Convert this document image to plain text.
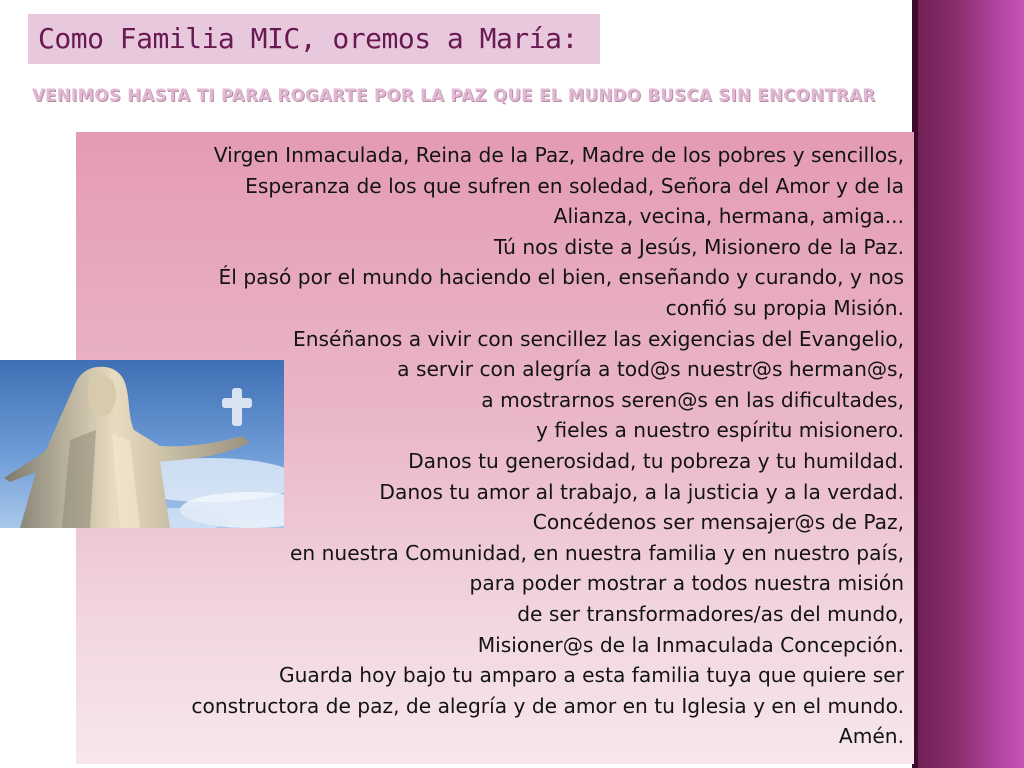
Como Familia MIC, oremos a María:
VENIMOS HASTA TI PARA ROGARTE POR LA PAZ QUE EL MUNDO BUSCA SIN ENCONTRAR
Virgen Inmaculada, Reina de la Paz, Madre de los pobres y sencillos,
Esperanza de los que sufren en soledad, Señora del Amor y de la
Alianza, vecina, hermana, amiga...
Tú nos diste a Jesús, Misionero de la Paz.
Él pasó por el mundo haciendo el bien, enseñando y curando, y nos
confió su propia Misión.
Enséñanos a vivir con sencillez las exigencias del Evangelio,
a servir con alegría a tod@s nuestr@s herman@s,
a mostrarnos seren@s en las dificultades,
y fieles a nuestro espíritu misionero.
Danos tu generosidad, tu pobreza y tu humildad.
Danos tu amor al trabajo, a la justicia y a la verdad.
Concédenos ser mensajer@s de Paz,
en nuestra Comunidad, en nuestra familia y en nuestro país,
para poder mostrar a todos nuestra misión
de ser transformadores/as del mundo,
Misioner@s de la Inmaculada Concepción.
Guarda hoy bajo tu amparo a esta familia tuya que quiere ser
constructora de paz, de alegría y de amor en tu Iglesia y en el mundo.
Amén.
